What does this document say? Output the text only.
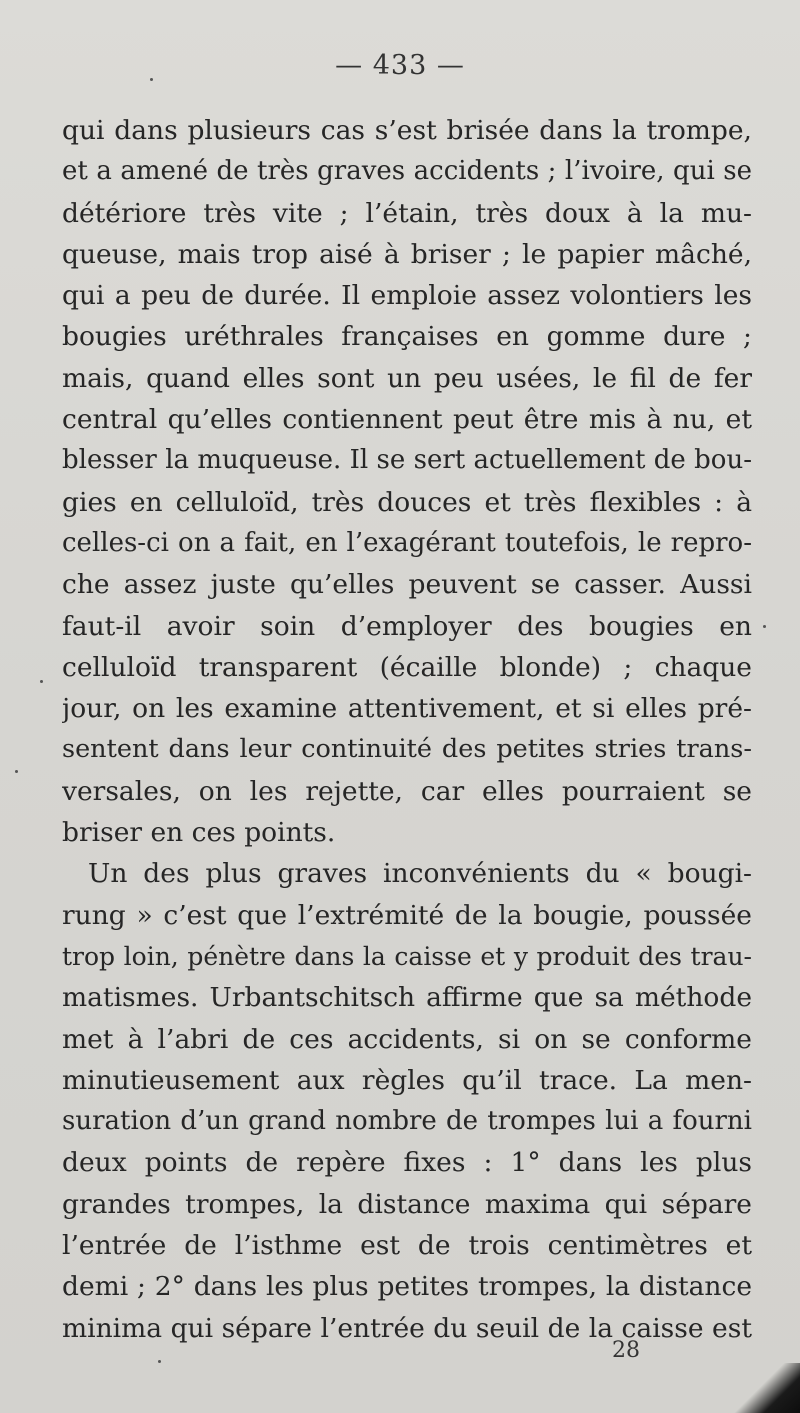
— 433 —
qui dans plusieurs cas s’est brisée dans la trompe,
et a amené de très graves accidents ; l’ivoire, qui se
détériore très vite ; l’étain, très doux à la mu-
queuse, mais trop aisé à briser ; le papier mâché,
qui a peu de durée. Il emploie assez volontiers les
bougies uréthrales françaises en gomme dure ;
mais, quand elles sont un peu usées, le fil de fer
central qu’elles contiennent peut être mis à nu, et
blesser la muqueuse. Il se sert actuellement de bou-
gies en celluloïd, très douces et très flexibles : à
celles-ci on a fait, en l’exagérant toutefois, le repro-
che assez juste qu’elles peuvent se casser. Aussi
faut-il avoir soin d’employer des bougies en
celluloïd transparent (écaille blonde) ; chaque
jour, on les examine attentivement, et si elles pré-
sentent dans leur continuité des petites stries trans-
versales, on les rejette, car elles pourraient se
briser en ces points.
Un des plus graves inconvénients du « bougi-
rung » c’est que l’extrémité de la bougie, poussée
trop loin, pénètre dans la caisse et y produit des trau-
matismes. Urbantschitsch affirme que sa méthode
met à l’abri de ces accidents, si on se conforme
minutieusement aux règles qu’il trace. La men-
suration d’un grand nombre de trompes lui a fourni
deux points de repère fixes : 1° dans les plus
grandes trompes, la distance maxima qui sépare
l’entrée de l’isthme est de trois centimètres et
demi ; 2° dans les plus petites trompes, la distance
minima qui sépare l’entrée du seuil de la caisse est
28
